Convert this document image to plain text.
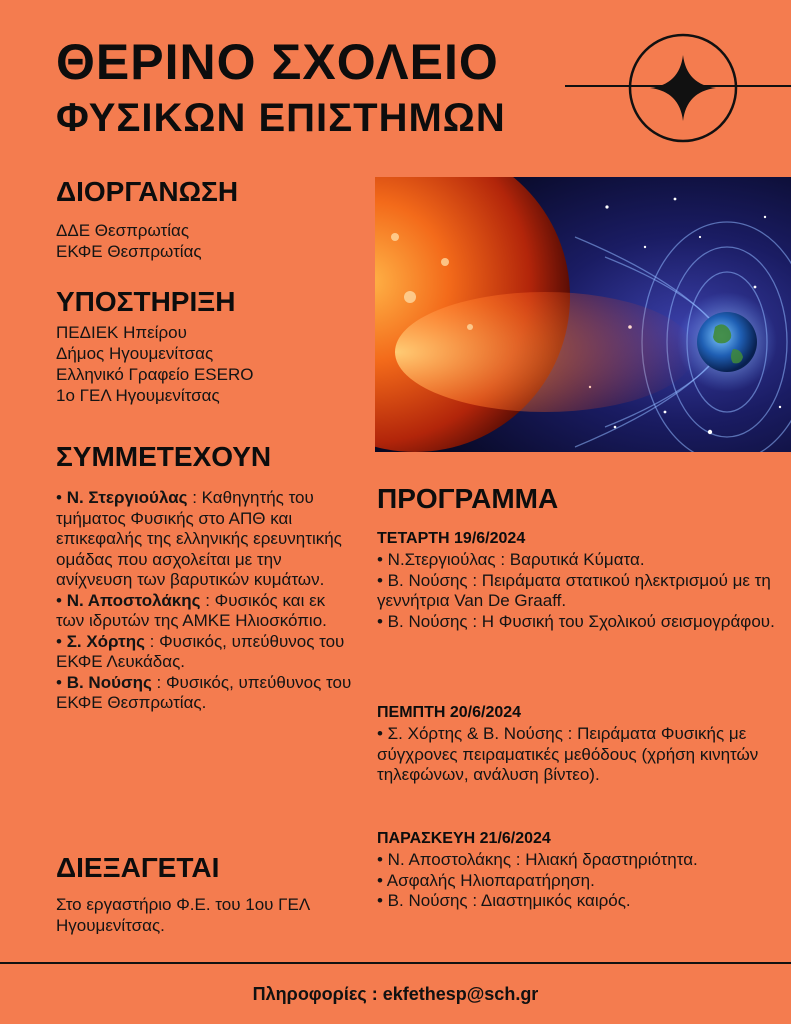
ΘΕΡΙΝΟ ΣΧΟΛΕΙΟ
ΦΥΣΙΚΩΝ ΕΠΙΣΤΗΜΩΝ
ΔΙΟΡΓΑΝΩΣΗ
ΔΔΕ Θεσπρωτίας
ΕΚΦΕ Θεσπρωτίας
ΥΠΟΣΤΗΡΙΞΗ
ΠΕΔΙΕΚ Ηπείρου
Δήμος Ηγουμενίτσας
Ελληνικό Γραφείο ESERO
1ο ΓΕΛ Ηγουμενίτσας
ΣΥΜΜΕΤΕΧΟΥΝ

• Ν. Στεργιούλας : Καθηγητής του τμήματος Φυσικής στο ΑΠΘ και επικεφαλής της ελληνικής ερευνητικής ομάδας που ασχολείται με την ανίχνευση των βαρυτικών κυμάτων.

• Ν. Αποστολάκης : Φυσικός και εκ των ιδρυτών της ΑΜΚΕ Ηλιοσκόπιο.

• Σ. Χόρτης : Φυσικός, υπεύθυνος του ΕΚΦΕ Λευκάδας.

• Β. Νούσης : Φυσικός, υπεύθυνος του ΕΚΦΕ Θεσπρωτίας.

ΔΙΕΞΑΓΕΤΑΙ
Στο εργαστήριο Φ.Ε. του 1ου ΓΕΛ Ηγουμενίτσας.
ΠΡΟΓΡΑΜΜΑ
ΤΕΤΑΡΤΗ 19/6/2024

• Ν.Στεργιούλας : Βαρυτικά Κύματα.

• Β. Νούσης : Πειράματα στατικού ηλεκτρισμού με τη γεννήτρια Van De Graaff.

• Β. Νούσης : Η Φυσική του Σχολικού σεισμογράφου.

ΠΕΜΠΤΗ 20/6/2024

• Σ. Χόρτης & Β. Νούσης : Πειράματα Φυσικής με σύγχρονες πειραματικές μεθόδους (χρήση κινητών τηλεφώνων, ανάλυση βίντεο).

ΠΑΡΑΣΚΕΥΗ 21/6/2024

• Ν. Αποστολάκης : Ηλιακή δραστηριότητα.

• Ασφαλής Ηλιοπαρατήρηση.

• Β. Νούσης : Διαστημικός καιρός.

Πληροφορίες : ekfethesp@sch.gr
